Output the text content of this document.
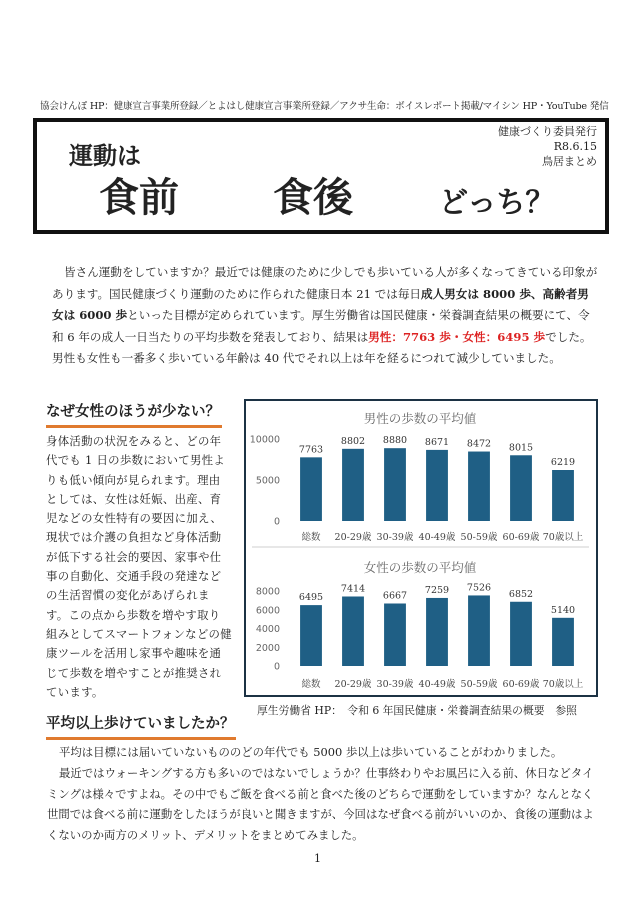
協会けんぽ HP：健康宣言事業所登録／とよはし健康宣言事業所登録／アクサ生命：ボイスレポート掲載/マイシン HP・YouTube 発信
運動は
食前 食後	どっち？
健康づくり委員発行
R8.6.15
鳥居まとめ
皆さん運動をしていますか？最近では健康のために少しでも歩いている人が多くなってきている印象があります。国民健康づくり運動のために作られた健康日本 21 では毎日成人男女は 8000 歩、高齢者男女は 6000 歩といった目標が定められています。厚生労働省は国民健康・栄養調査結果の概要にて、令和 6 年の成人一日当たりの平均歩数を発表しており、結果は男性：7763 歩・女性：6495 歩でした。男性も女性も一番多く歩いている年齢は 40 代でそれ以上は年を経るにつれて減少していました。
なぜ女性のほうが少ない？
身体活動の状況をみると、どの年代でも 1 日の歩数において男性よりも低い傾向が見られます。理由としては、女性は妊娠、出産、育児などの女性特有の要因に加え、現状では介護の負担など身体活動が低下する社会的要因、家事や仕事の自動化、交通手段の発達などの生活習慣の変化があげられます。この点から歩数を増やす取り組みとしてスマートフォンなどの健康ツールを活用し家事や趣味を通じて歩数を増やすことが推奨されています。
男性の歩数の平均値
0
5000
10000
7763
総数
8802
20-29歳
8880
30-39歳
8671
40-49歳
8472
50-59歳
8015
60-69歳
6219
70歳以上
女性の歩数の平均値
0
2000
4000
6000
8000
6495
総数
7414
20-29歳
6667
30-39歳
7259
40-49歳
7526
50-59歳
6852
60-69歳
5140
70歳以上
厚生労働省 HP：　令和 6 年国民健康・栄養調査結果の概要　参照
平均以上歩けていましたか？

平均は目標には届いていないもののどの年代でも 5000 歩以上は歩いていることがわかりました。

最近ではウォーキングする方も多いのではないでしょうか？仕事終わりやお風呂に入る前、休日などタイミングは様々ですよね。その中でもご飯を食べる前と食べた後のどちらで運動をしていますか？なんとなく世間では食べる前に運動をしたほうが良いと聞きますが、今回はなぜ食べる前がいいのか、食後の運動はよくないのか両方のメリット、デメリットをまとめてみました。

1
